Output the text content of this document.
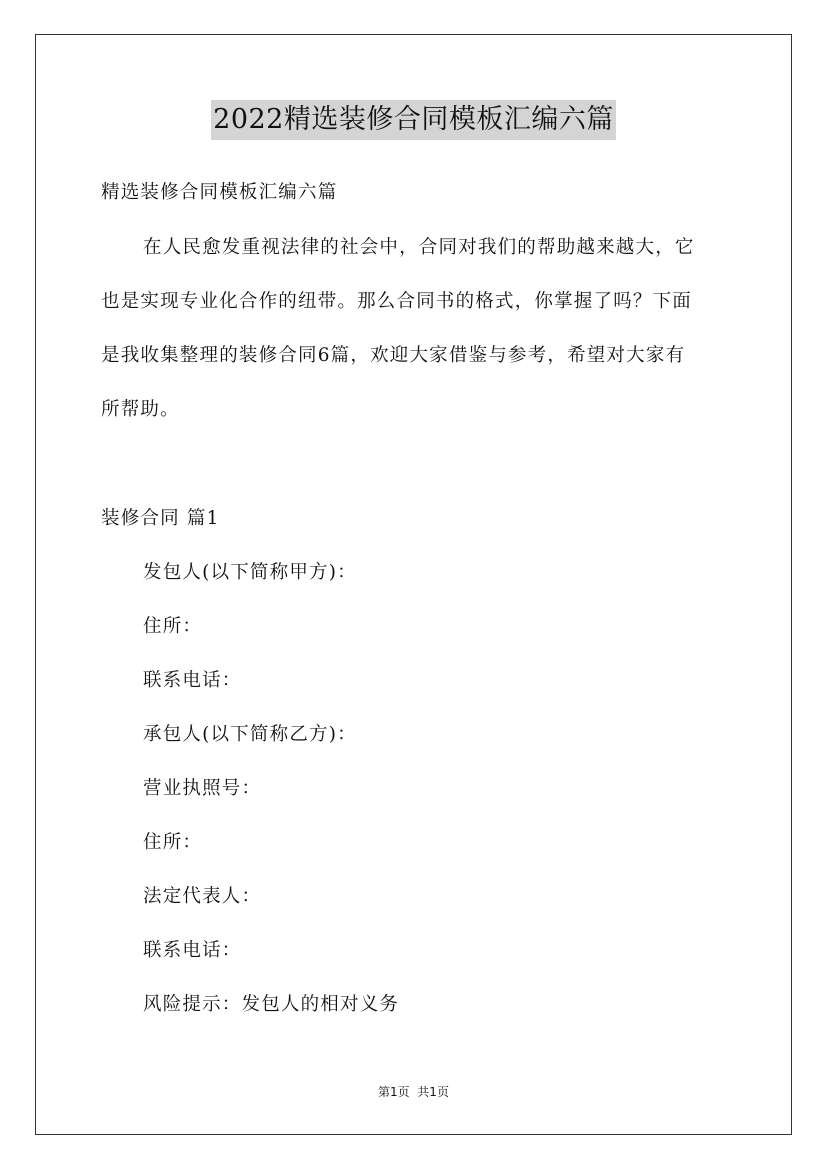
2022精选装修合同模板汇编六篇
精选装修合同模板汇编六篇
在人民愈发重视法律的社会中，合同对我们的帮助越来越大，它
也是实现专业化合作的纽带。那么合同书的格式，你掌握了吗？下面
是我收集整理的装修合同6篇，欢迎大家借鉴与参考，希望对大家有
所帮助。
装修合同 篇1
发包人(以下简称甲方)：
住所：
联系电话：
承包人(以下简称乙方)：
营业执照号：
住所：
法定代表人：
联系电话：
风险提示：发包人的相对义务
第1页  共1页
